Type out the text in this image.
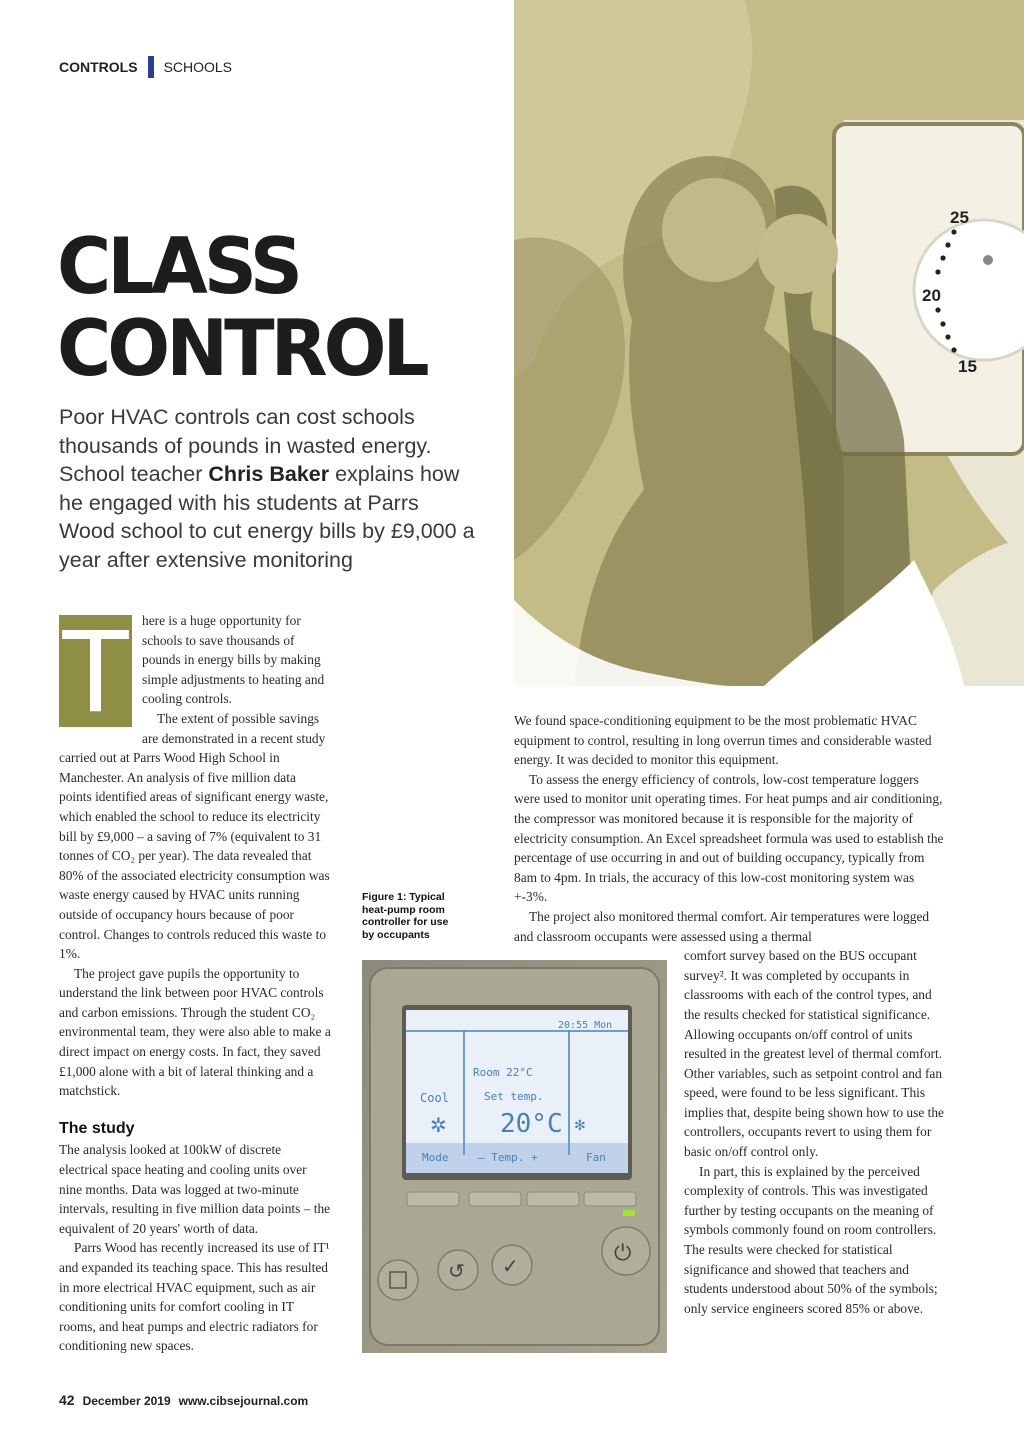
CONTROLS SCHOOLS
25
20
15
CLASS
CONTROL

Poor HVAC controls can cost schools thousands of pounds in wasted energy. School teacher Chris Baker explains how he engaged with his students at Parrs Wood school to cut energy bills by £9,000 a year after extensive monitoring

T here is a huge opportunity for schools to save thousands of pounds in energy bills by making simple adjustments to heating and cooling controls.

The extent of possible savings are demonstrated in a recent study carried out at Parrs Wood High School in Manchester. An analysis of five million data points identified areas of significant energy waste, which enabled the school to reduce its electricity bill by £9,000 – a saving of 7% (equivalent to 31 tonnes of CO₂ per year). The data revealed that 80% of the associated electricity consumption was waste energy caused by HVAC units running outside of occupancy hours because of poor control. Changes to controls reduced this waste to 1%.

The project gave pupils the opportunity to understand the link between poor HVAC controls and carbon emissions. Through the student CO₂ environmental team, they were also able to make a direct impact on energy costs. In fact, they saved £1,000 alone with a bit of lateral thinking and a matchstick.

The study

The analysis looked at 100kW of discrete electrical space heating and cooling units over nine months. Data was logged at two-minute intervals, resulting in five million data points – the equivalent of 20 years' worth of data.

Parrs Wood has recently increased its use of IT¹ and expanded its teaching space. This has resulted in more electrical HVAC equipment, such as air conditioning units for comfort cooling in IT rooms, and heat pumps and electric radiators for conditioning new spaces.

Figure 1: Typical heat-pump room controller for use by occupants
20:55 Mon
Room 22°C
Set temp.
20°C
Cool
✲	✻
Mode	– Temp. +	Fan
↺ ✓	⏻

We found space-conditioning equipment to be the most problematic HVAC equipment to control, resulting in long overrun times and considerable wasted energy. It was decided to monitor this equipment.

To assess the energy efficiency of controls, low-cost temperature loggers were used to monitor unit operating times. For heat pumps and air conditioning, the compressor was monitored because it is responsible for the majority of electricity consumption. An Excel spreadsheet formula was used to establish the percentage of use occurring in and out of building occupancy, typically from 8am to 4pm. In trials, the accuracy of this low-cost monitoring system was +-3%.

The project also monitored thermal comfort. Air temperatures were logged and classroom occupants were assessed using a thermal

comfort survey based on the BUS occupant survey². It was completed by occupants in classrooms with each of the control types, and the results checked for statistical significance. Allowing occupants on/off control of units resulted in the greatest level of thermal comfort. Other variables, such as setpoint control and fan speed, were found to be less significant. This implies that, despite being shown how to use the controllers, occupants revert to using them for basic on/off control only.

In part, this is explained by the perceived complexity of controls. This was investigated further by testing occupants on the meaning of symbols commonly found on room controllers. The results were checked for statistical significance and showed that teachers and students understood about 50% of the symbols; only service engineers scored 85% or above.

42 December 2019 www.cibsejournal.com
